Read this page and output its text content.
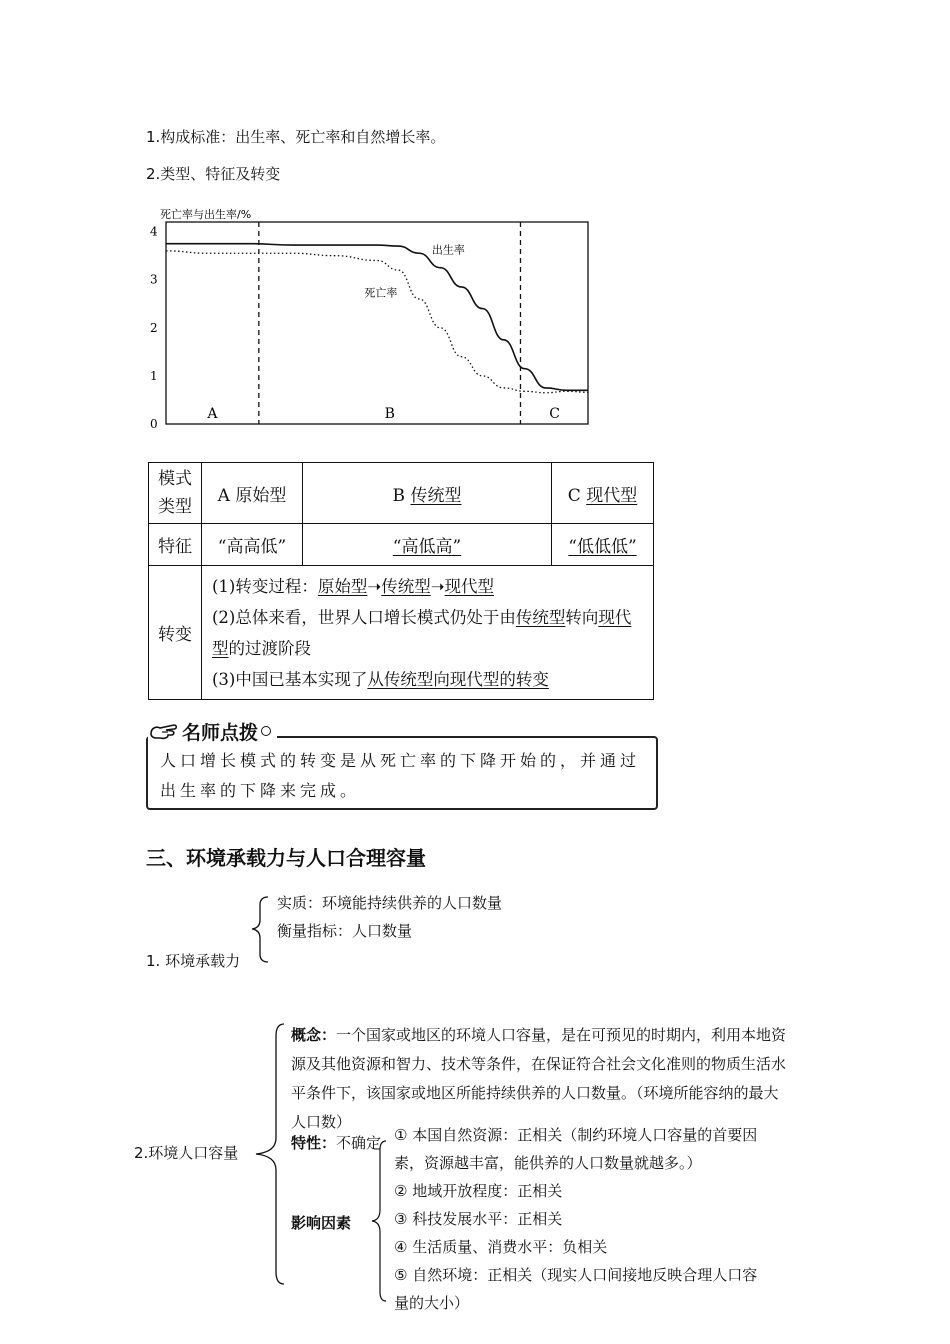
1.构成标准：出生率、死亡率和自然增长率。
2.类型、特征及转变
死亡率与出生率/%
0
1
2
3
4
A	B	C
出生率
死亡率
模式类型	A 原始型	B 传统型	C 现代型
特征	“高高低”	“高低高”	“低低低”
转变	(1)转变过程：原始型➝传统型➝现代型
(2)总体来看，世界人口增长模式仍处于由传统型转向现代型的过渡阶段
(3)中国已基本实现了从传统型向现代型的转变		
人口增长模式的转变是从死亡率的下降开始的，并通过
出生率的下降来完成。
名师点拨
三、环境承载力与人口合理容量
1. 环境承载力
实质：环境能持续供养的人口数量
衡量指标：人口数量
2.环境人口容量
概念：一个国家或地区的环境人口容量，是在可预见的时期内，利用本地资
源及其他资源和智力、技术等条件，在保证符合社会文化准则的物质生活水
平条件下，该国家或地区所能持续供养的人口数量。（环境所能容纳的最大
人口数）
特性：不确定
影响因素
① 本国自然资源：正相关（制约环境人口容量的首要因
素，资源越丰富，能供养的人口数量就越多。）
② 地域开放程度：正相关
③ 科技发展水平：正相关
④ 生活质量、消费水平：负相关
⑤ 自然环境：正相关（现实人口间接地反映合理人口容
量的大小）
